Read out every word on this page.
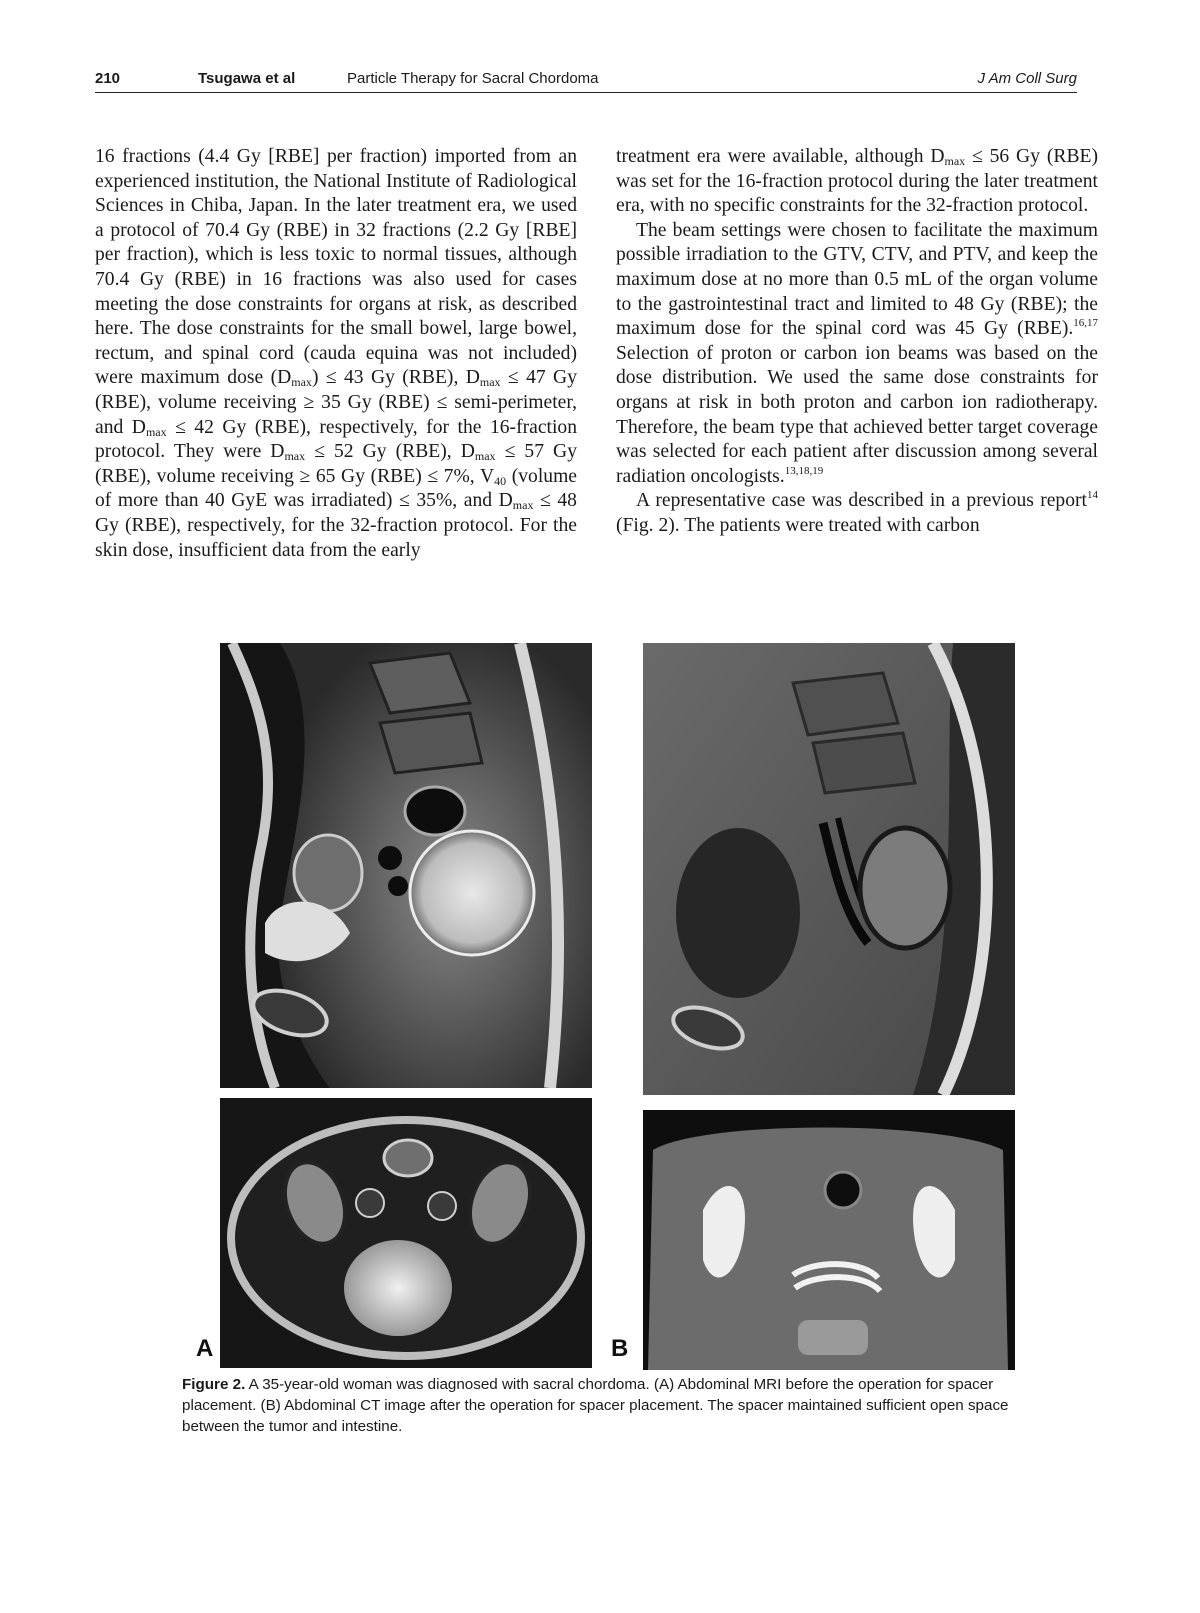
210	Tsugawa et al	Particle Therapy for Sacral Chordoma	J Am Coll Surg

16 fractions (4.4 Gy [RBE] per fraction) imported from an experienced institution, the National Institute of Radiological Sciences in Chiba, Japan. In the later treatment era, we used a protocol of 70.4 Gy (RBE) in 32 fractions (2.2 Gy [RBE] per fraction), which is less toxic to normal tissues, although 70.4 Gy (RBE) in 16 fractions was also used for cases meeting the dose constraints for organs at risk, as described here. The dose constraints for the small bowel, large bowel, rectum, and spinal cord (cauda equina was not included) were maximum dose $(D_{max}) \le 43$ Gy (RBE), $D_{max} \le 47$ Gy (RBE), volume receiving ≥ 35 Gy (RBE) ≤ semi-perimeter, and $D_{max} \le 42$ Gy (RBE), respectively, for the 16-fraction protocol. They were $D_{max} \le 52$ Gy (RBE), $D_{max} \le 57$ Gy (RBE), volume receiving ≥ 65 Gy (RBE) ≤ 7%, $V_{40}$ (volume of more than 40 GyE was irradiated) ≤ 35%, and $D_{max} \le 48$ Gy (RBE), respectively, for the 32-fraction protocol. For the skin dose, insufficient data from the early

treatment era were available, although $D_{max} \le 56$ Gy (RBE) was set for the 16-fraction protocol during the later treatment era, with no specific constraints for the 32-fraction protocol.

The beam settings were chosen to facilitate the maximum possible irradiation to the GTV, CTV, and PTV, and keep the maximum dose at no more than 0.5 mL of the organ volume to the gastrointestinal tract and limited to 48 Gy (RBE); the maximum dose for the spinal cord was 45 Gy (RBE).$^{16,17}$ Selection of proton or carbon ion beams was based on the dose distribution. We used the same dose constraints for organs at risk in both proton and carbon ion radiotherapy. Therefore, the beam type that achieved better target coverage was selected for each patient after discussion among several radiation oncologists.$^{13,18,19}$

A representative case was described in a previous report$^{14}$ (Fig. 2). The patients were treated with carbon

A	B
Figure 2. A 35-year-old woman was diagnosed with sacral chordoma. (A) Abdominal MRI before the operation for spacer placement. (B) Abdominal CT image after the operation for spacer placement. The spacer maintained sufficient open space between the tumor and intestine.
